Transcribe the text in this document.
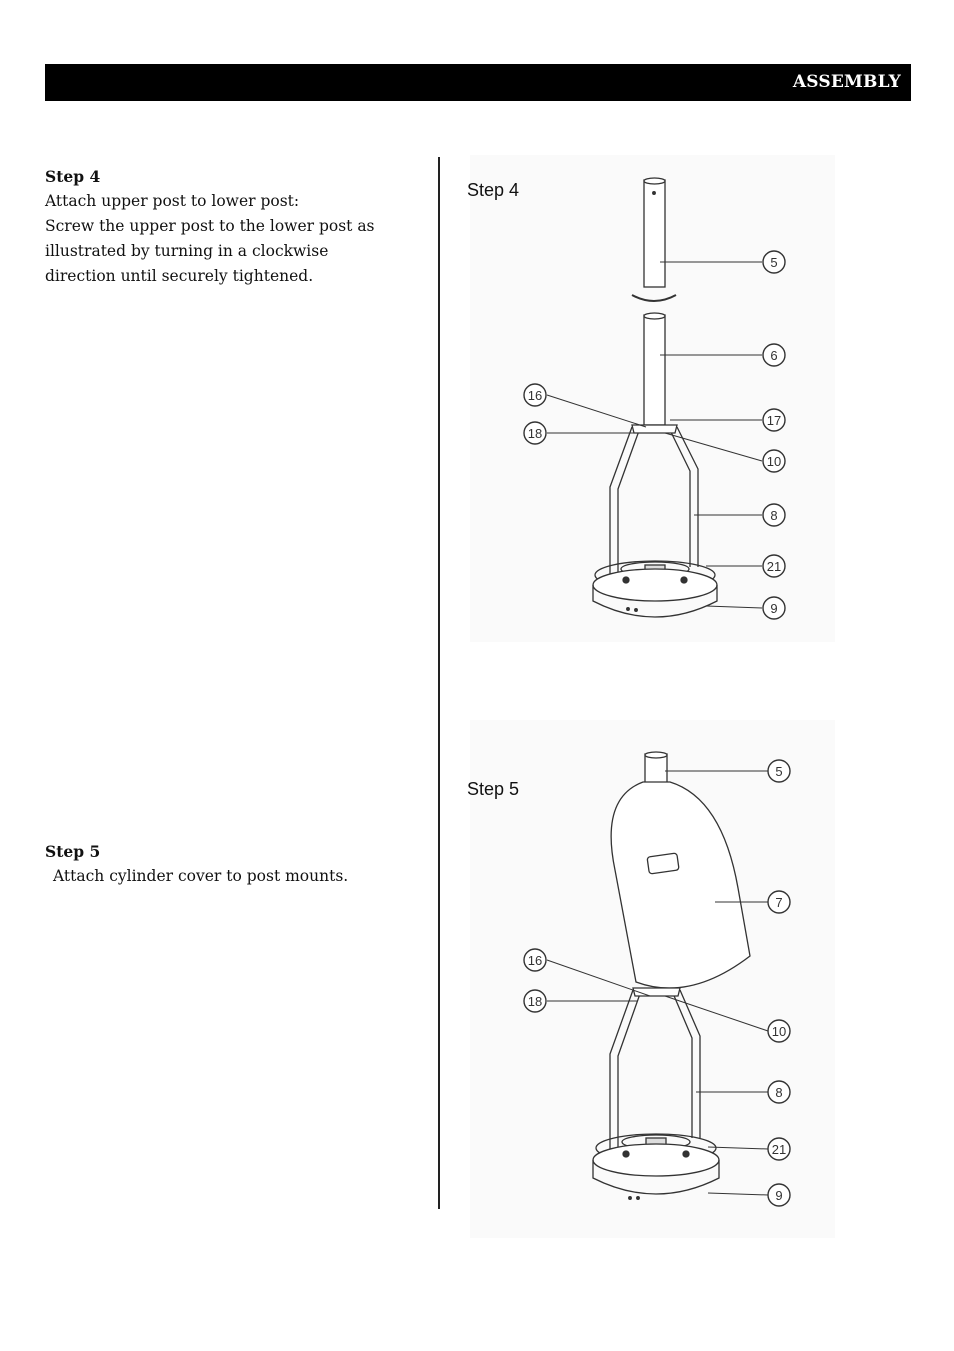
ASSEMBLY
Step 4
Attach upper post to lower post:
Screw the upper post to the lower post as
illustrated by turning in a clockwise
direction until securely tightened.
Step 5
Attach cylinder cover to post mounts.
Step 4
5
6
16
18
17
10
8
21
9
Step 5
5
7
16
18
10
8
21
9
